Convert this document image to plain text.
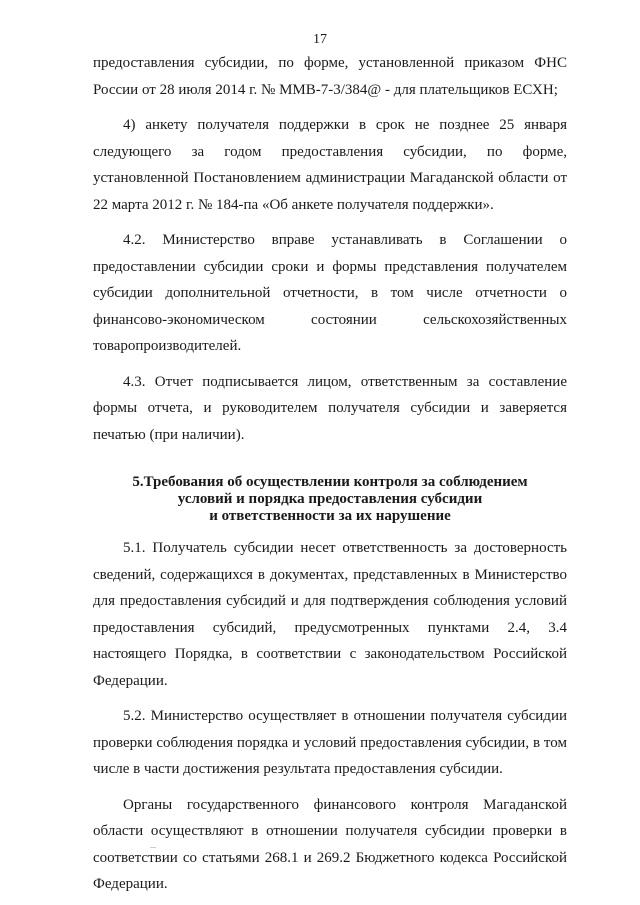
17

предоставления субсидии, по форме, установленной приказом ФНС России от 28 июля 2014 г. № ММВ-7-3/384@ - для плательщиков ЕСХН;

4) анкету получателя поддержки в срок не позднее 25 января следующего за годом предоставления субсидии, по форме, установленной Постановлением администрации Магаданской области от 22 марта 2012 г. № 184-па «Об анкете получателя поддержки».

4.2. Министерство вправе устанавливать в Соглашении о предоставлении субсидии сроки и формы представления получателем субсидии дополнительной отчетности, в том числе отчетности о финансово-экономическом состоянии сельскохозяйственных товаропроизводителей.

4.3. Отчет подписывается лицом, ответственным за составление формы отчета, и руководителем получателя субсидии и заверяется печатью (при наличии).

5.Требования об осуществлении контроля за соблюдением
условий и порядка предоставления субсидии
и ответственности за их нарушение

5.1. Получатель субсидии несет ответственность за достоверность сведений, содержащихся в документах, представленных в Министерство для предоставления субсидий и для подтверждения соблюдения условий предоставления субсидий, предусмотренных пунктами 2.4, 3.4 настоящего Порядка, в соответствии с законодательством Российской Федерации.

5.2. Министерство осуществляет в отношении получателя субсидии проверки соблюдения порядка и условий предоставления субсидии, в том числе в части достижения результата предоставления субсидии.

Органы государственного финансового контроля Магаданской области осуществляют в отношении получателя субсидии проверки в соответствии со статьями 268.1 и 269.2 Бюджетного кодекса Российской Федерации.
